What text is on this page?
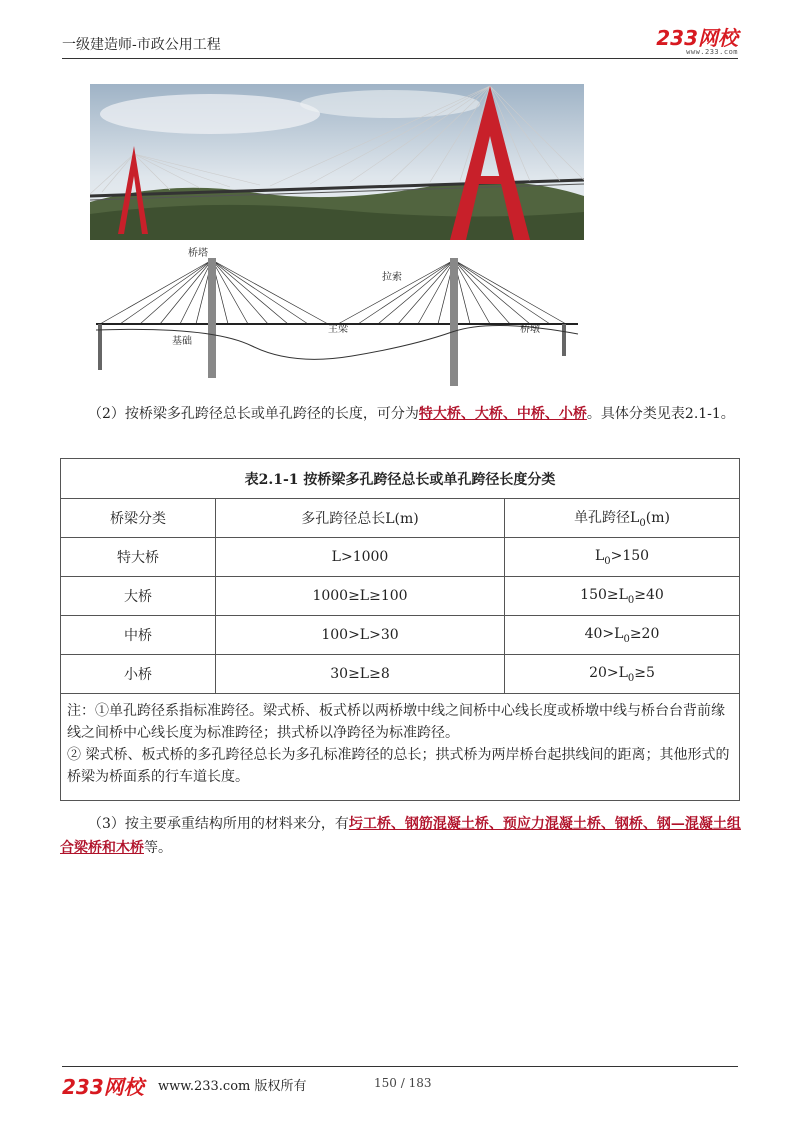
一级建造师-市政公用工程	233网校
www.233.com
桥塔
拉索
主梁	桥墩
基础
（2）按桥梁多孔跨径总长或单孔跨径的长度，可分为特大桥、大桥、中桥、小桥。具体分类见表2.1-1。
表2.1-1 按桥梁多孔跨径总长或单孔跨径长度分类		
桥梁分类	多孔跨径总长L(m)	单孔跨径$L_0(m)$
特大桥	L>1000	$L_0>150$
大桥	1000≥L≥100	$150\ge L_0\ge 40$
中桥	100>L>30	$40>L_0\ge 20$
小桥	30≥L≥8	$20>L_0\ge 5$

注：①单孔跨径系指标准跨径。梁式桥、板式桥以两桥墩中线之间桥中心线长度或桥墩中线与桥台台背前缘线之间桥中心线长度为标准跨径；拱式桥以净跨径为标准跨径。
② 梁式桥、板式桥的多孔跨径总长为多孔标准跨径的总长；拱式桥为两岸桥台起拱线间的距离；其他形式的桥梁为桥面系的行车道长度。		
（3）按主要承重结构所用的材料来分，有圬工桥、钢筋混凝土桥、预应力混凝土桥、钢桥、钢—混凝土组合梁桥和木桥等。
233网校 www.233.com 版权所有	150 / 183
